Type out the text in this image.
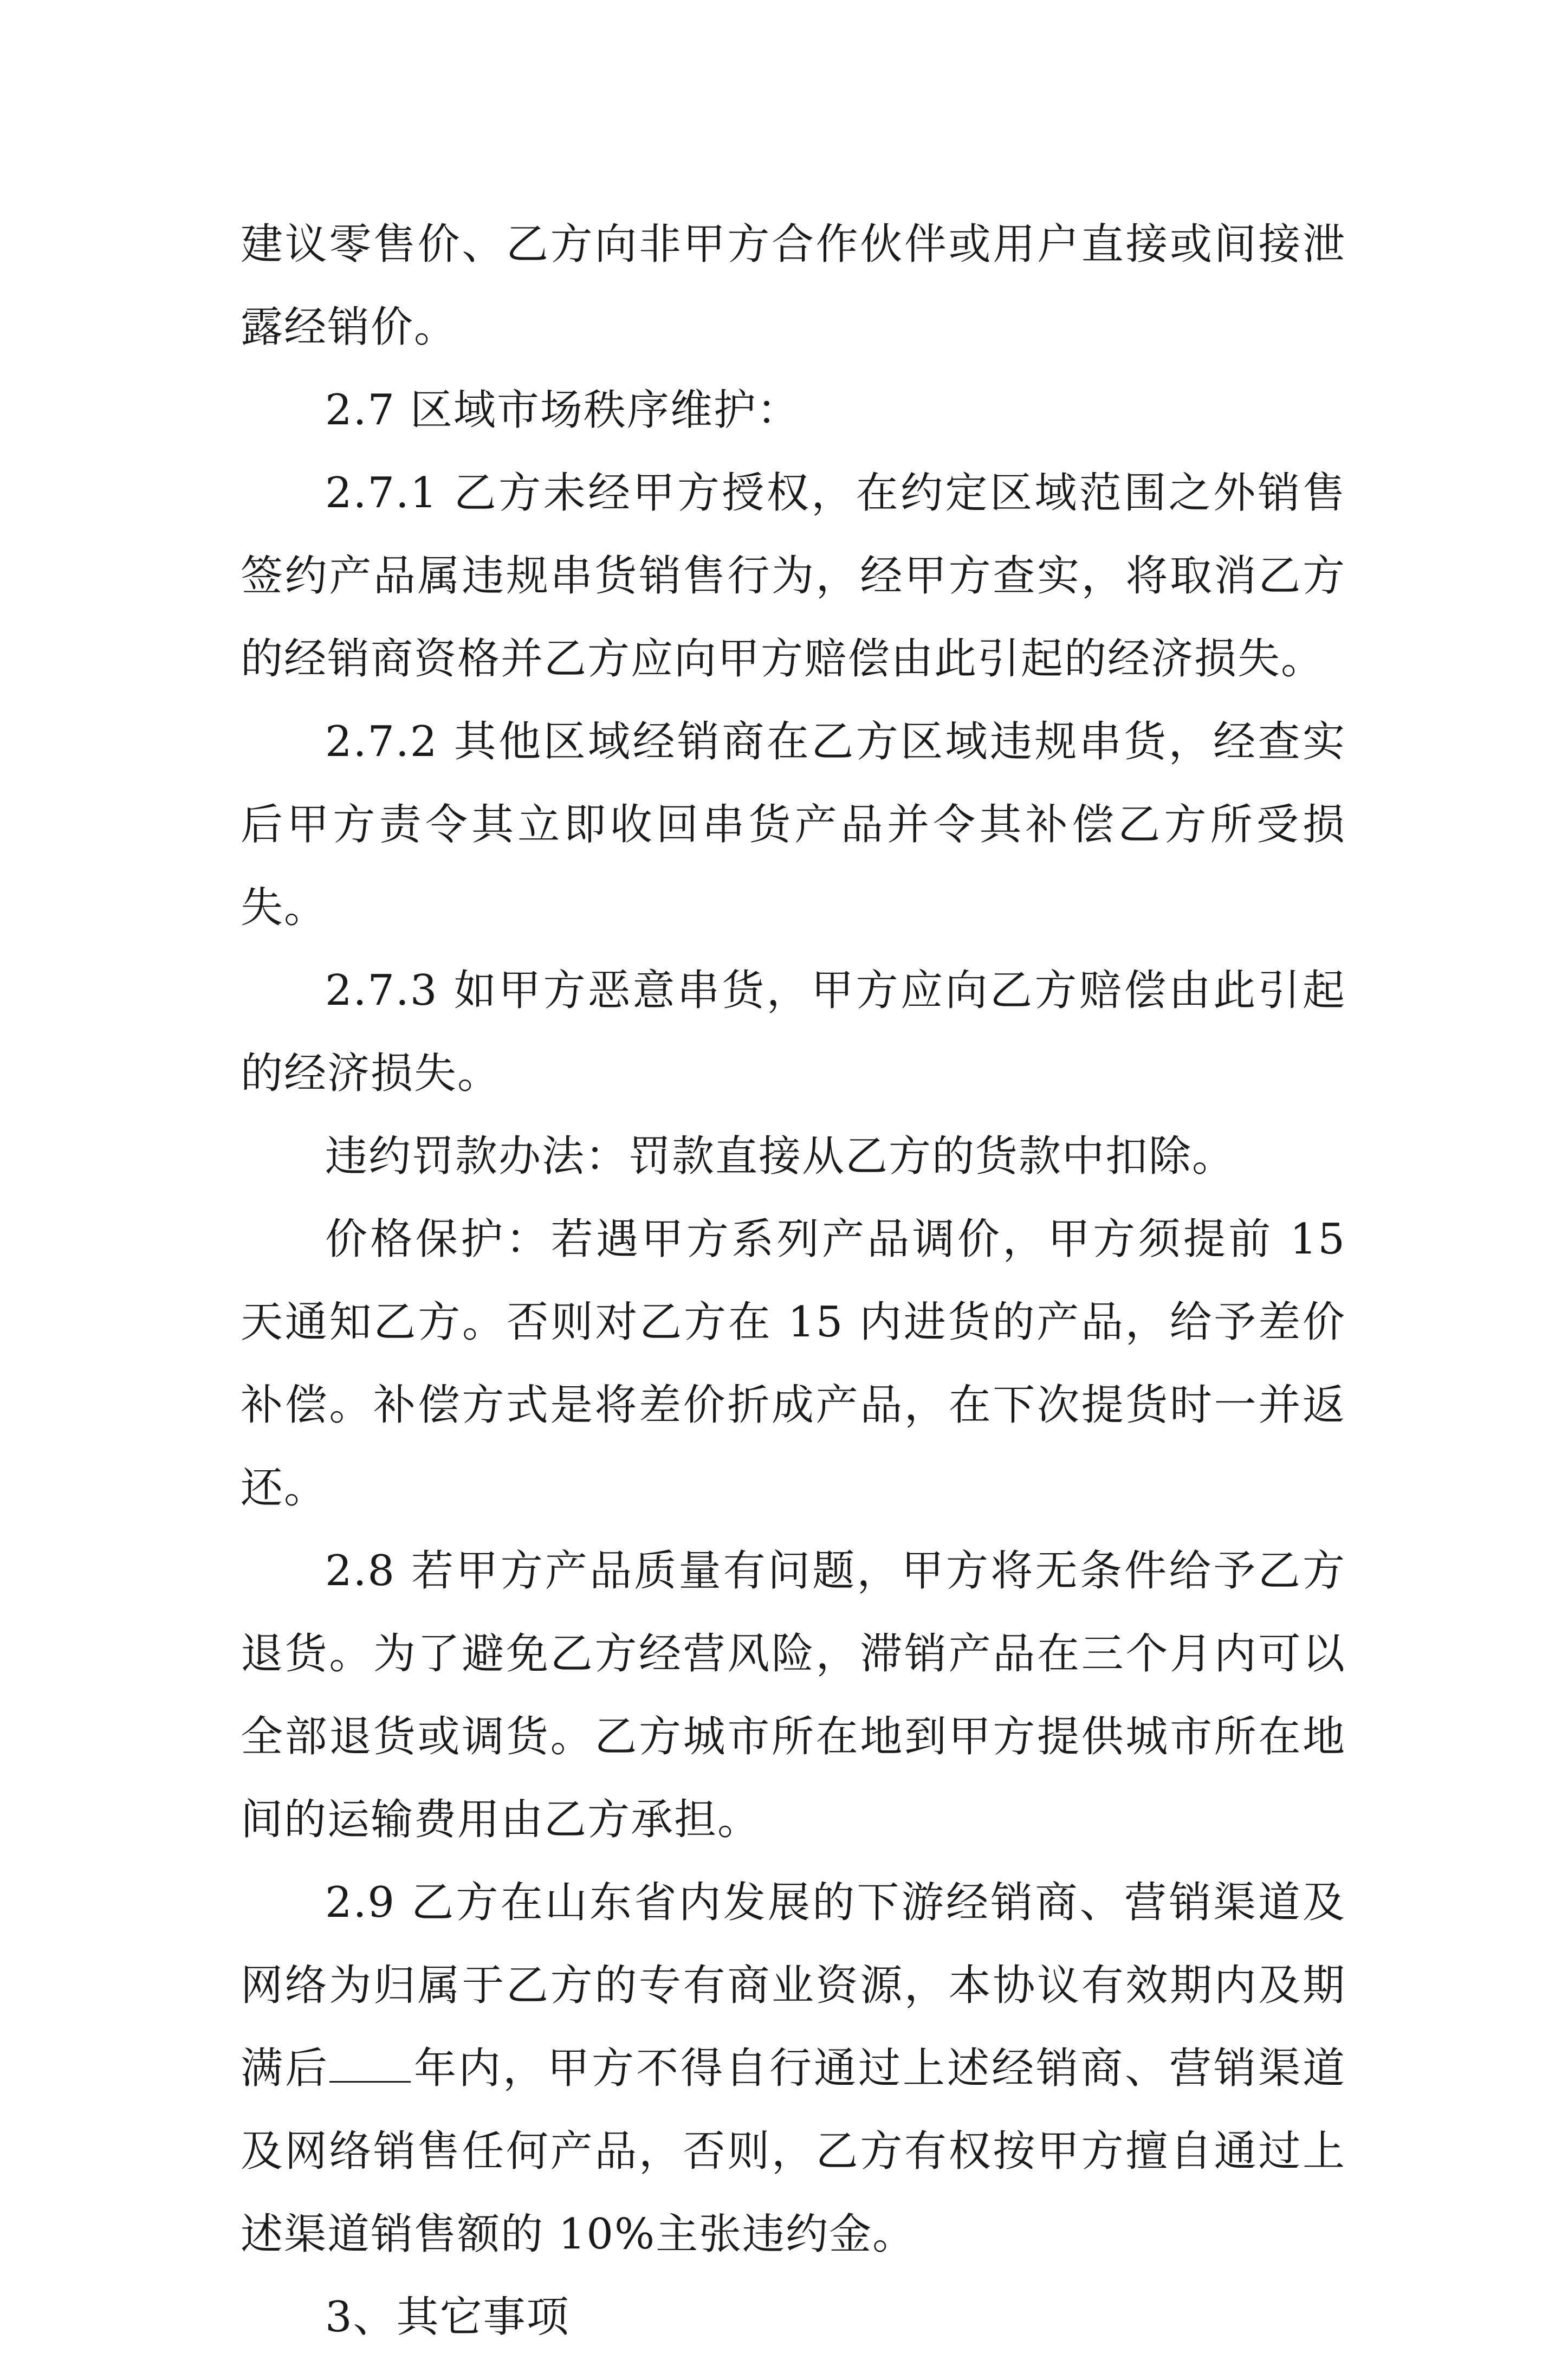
建议零售价、乙方向非甲方合作伙伴或用户直接或间接泄露经销价。

2.7 区域市场秩序维护：

2.7.1 乙方未经甲方授权，在约定区域范围之外销售签约产品属违规串货销售行为，经甲方查实，将取消乙方的经销商资格并乙方应向甲方赔偿由此引起的经济损失。

2.7.2 其他区域经销商在乙方区域违规串货，经查实后甲方责令其立即收回串货产品并令其补偿乙方所受损失。

2.7.3 如甲方恶意串货，甲方应向乙方赔偿由此引起的经济损失。

违约罚款办法：罚款直接从乙方的货款中扣除。

价格保护：若遇甲方系列产品调价，甲方须提前 15 天通知乙方。否则对乙方在 15 内进货的产品，给予差价补偿。补偿方式是将差价折成产品，在下次提货时一并返还。

2.8 若甲方产品质量有问题，甲方将无条件给予乙方退货。为了避免乙方经营风险，滞销产品在三个月内可以全部退货或调货。乙方城市所在地到甲方提供城市所在地间的运输费用由乙方承担。

2.9 乙方在山东省内发展的下游经销商、营销渠道及网络为归属于乙方的专有商业资源，本协议有效期内及期满后 年内，甲方不得自行通过上述经销商、营销渠道及网络销售任何产品，否则，乙方有权按甲方擅自通过上述渠道销售额的 10%主张违约金。

3、其它事项
